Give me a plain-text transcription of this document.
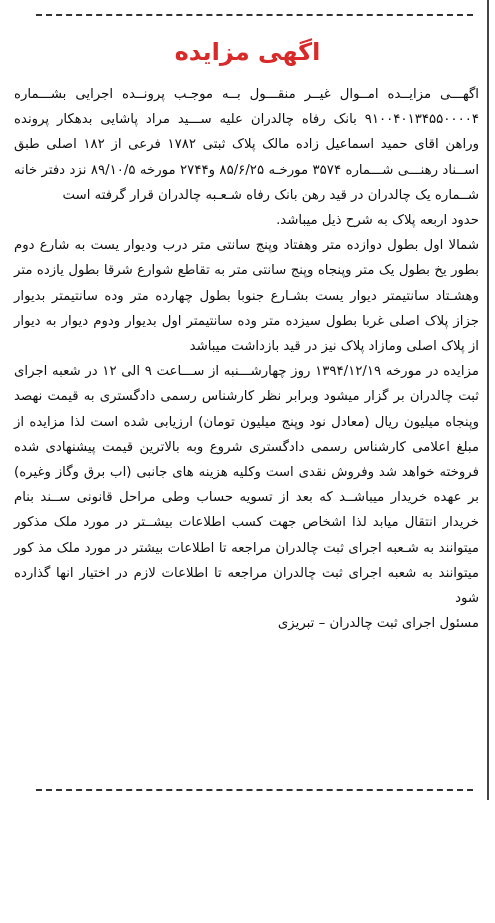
اگهی مزایده

اگهـــی مزایــده امــوال غیــر منقـــول بــه موجـب پرونــده اجرایی بشـــماره ۹۱۰۰۴۰۱۳۴۵۵۰۰۰۰۴ بانک رفاه چالدران علیه ســـید مراد پاشایی بدهکار پرونده وراهن اقای حمید اسماعیل زاده مالک پلاک ثبتی ۱۷۸۲ فرعی از ۱۸۲ اصلی طبق اســناد رهنـــی شـــماره ۳۵۷۴ مورخـه ۸۵/۶/۲۵ و۲۷۴۴ مورخه ۸۹/۱۰/۵ نزد دفتر خانه شــماره یک چالدران در قید رهن بانک رفاه شـعـبه چالدران قرار گرفته است

حدود اربعه پلاک به شرح ذیل میباشد.

شمالا اول بطول دوازده متر وهفتاد وپنج سانتی متر درب ودیوار یست به شارع دوم بطور یخ بطول یک متر وپنجاه وپنج سانتی متر به تقاطع شوارع شرقا بطول یازده متر وهشـتاد سانتیمتر دیوار یست بشـارع جنوبا بطول چهارده متر وده سانتیمتر بدیوار جزاز پلاک اصلی غربا بطول سیزده متر وده سانتیمتر اول بدیوار ودوم دیوار به دیوار از پلاک اصلی ومازاد پلاک نیز در قید بازداشت میباشد

مزایده در مورخه ۱۳۹۴/۱۲/۱۹ روز چهارشـــنبه از ســـاعت ۹ الی ۱۲ در شعبه اجرای ثبت چالدران بر گزار میشود وبرابر نظر کارشناس رسمی دادگستری به قیمت نهصد وپنجاه میلیون ریال (معادل نود وپنج میلیون تومان) ارزیابی شده است لذا مزایده از مبلغ اعلامی کارشناس رسمی دادگستری شروع وبه بالاترین قیمت پیشنهادی شده فروخته خواهد شد وفروش نقدی است وکلیه هزینه های جانبی (اب برق وگاز وغیره) بر عهده خریدار میباشــد که بعد از تسویه حساب وطی مراحل قانونی ســند بنام خریدار انتقال میابد لذا اشخاص جهت کسب اطلاعات بیشــتر در مورد ملک مذکور میتوانند به شـعبه اجرای ثبت چالدران مراجعه تا اطلاعات بیشتر در مورد ملک مذ کور میتوانند به شعبه اجرای ثبت چالدران مراجعه تا اطلاعات لازم در اختیار انها گذارده شود

مسئول اجرای ثبت چالدران – تبریزی
